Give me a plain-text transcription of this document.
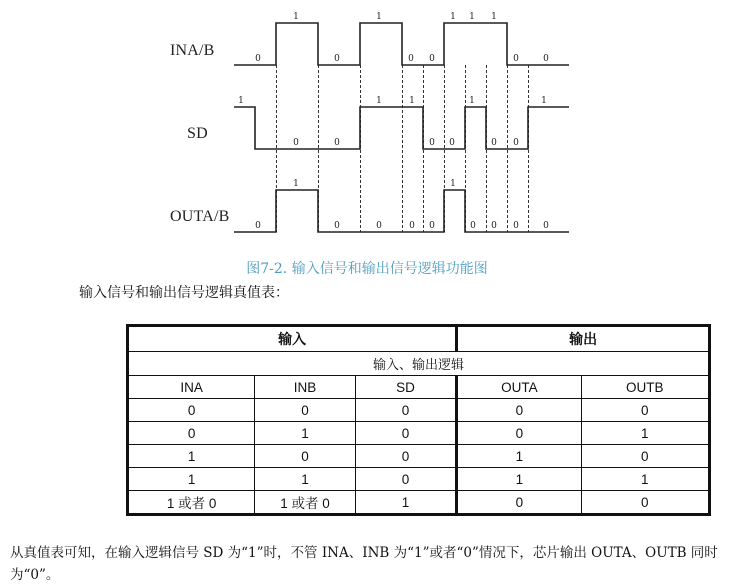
INA/B
SD
OUTA/B
0
1
0
1
0 0
1 1 1
0	0
1
0	0
1	1
0 0
1
0 0
1
0
1
0	0	0 0
1
0 0 0	0
图7-2. 输入信号和输出信号逻辑功能图
输入信号和输出信号逻辑真值表：
输入			输出	
输入、输出逻辑				
INA	INB	SD	OUTA	OUTB
0	0	0	0	0
0	1	0	0	1
1	0	0	1	0
1	1	0	1	1
1 或者 0	1 或者 0	1	0	0
从真值表可知，在输入逻辑信号 SD 为“1”时，不管 INA、INB 为“1”或者“0”情况下，芯片输出 OUTA、OUTB 同时为“0”。
